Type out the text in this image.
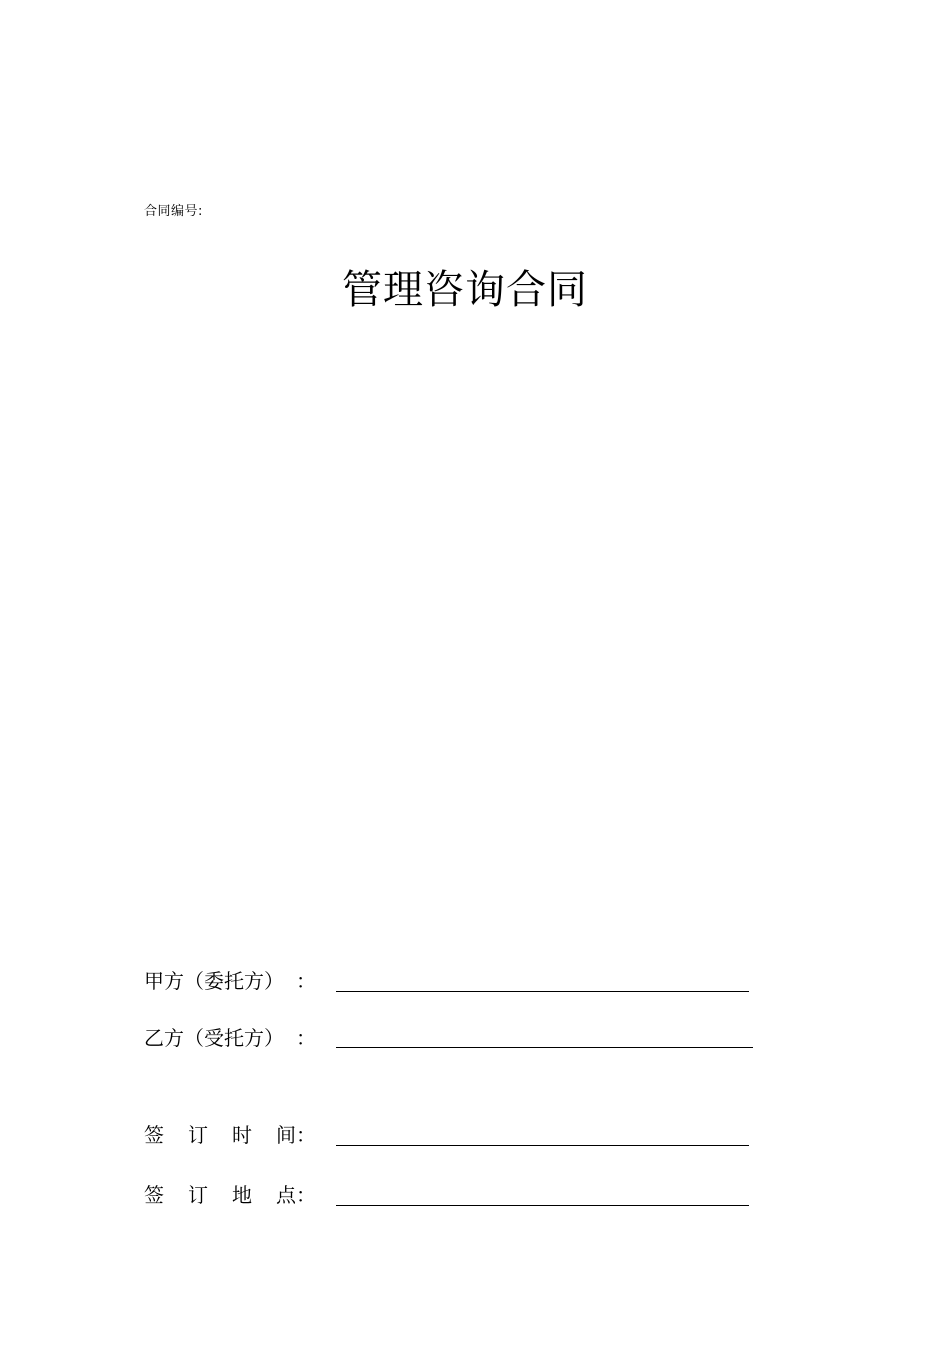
合同编号:
管理咨询合同
甲方（委托方） ：
乙方（受托方） ：
签 订 时 间 ：
签 订 地 点 ：
